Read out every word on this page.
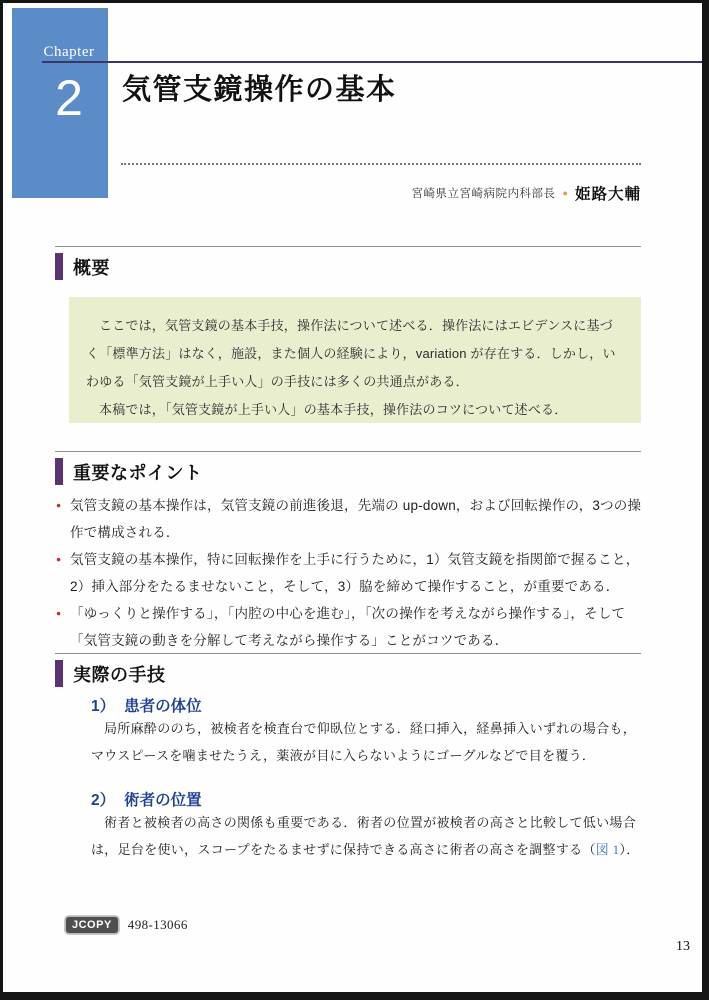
Chapter
2	気管支鏡操作の基本
宮崎県立宮崎病院内科部長 ● 姫路大輔
概要

ここでは，気管支鏡の基本手技，操作法について述べる．操作法にはエビデンスに基づく「標準方法」はなく，施設，また個人の経験により，variation が存在する．しかし，いわゆる「気管支鏡が上手い人」の手技には多くの共通点がある．

本稿では，「気管支鏡が上手い人」の基本手技，操作法のコツについて述べる．

重要なポイント
● 気管支鏡の基本操作は，気管支鏡の前進後退，先端の up-down，および回転操作の，3つの操作で構成される．
● 気管支鏡の基本操作，特に回転操作を上手に行うために，1）気管支鏡を指関節で握ること，2）挿入部分をたるませないこと，そして，3）脇を締めて操作すること，が重要である．
● 「ゆっくりと操作する」，「内腔の中心を進む」，「次の操作を考えながら操作する」，そして「気管支鏡の動きを分解して考えながら操作する」ことがコツである．
実際の手技
1） 患者の体位

局所麻酔ののち，被検者を検査台で仰臥位とする．経口挿入，経鼻挿入いずれの場合も，マウスピースを噛ませたうえ，薬液が目に入らないようにゴーグルなどで目を覆う．

2） 術者の位置

術者と被検者の高さの関係も重要である．術者の位置が被検者の高さと比較して低い場合は，足台を使い，スコープをたるませずに保持できる高さに術者の高さを調整する（図 1）．

JCOPY	498-13066
13
